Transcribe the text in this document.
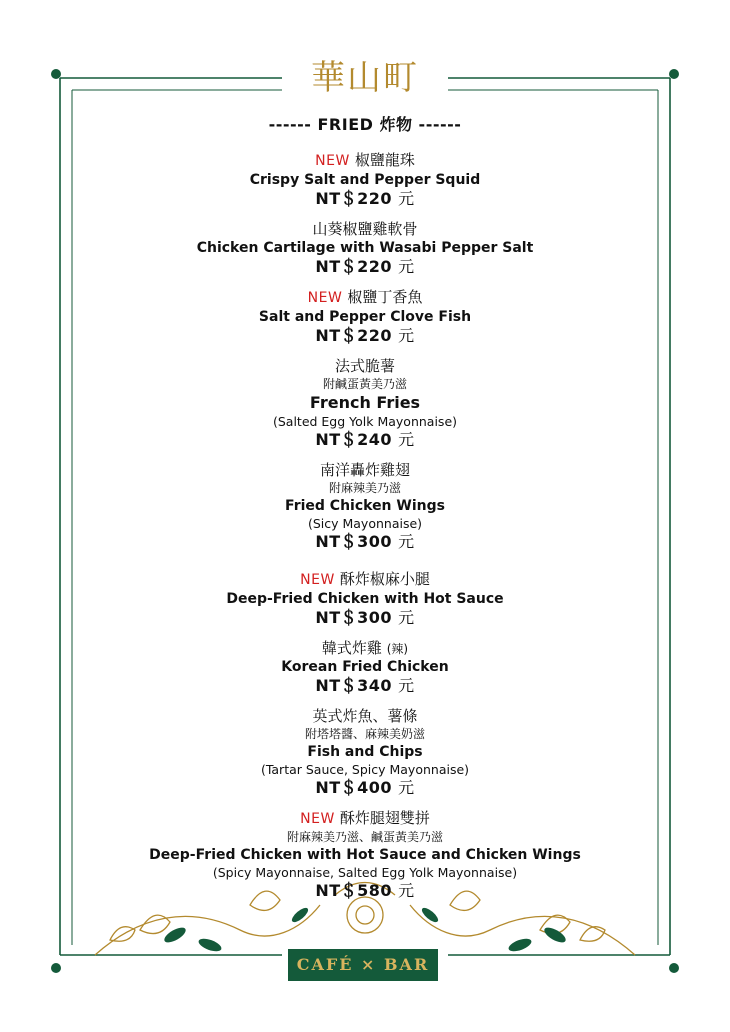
華山町
------ FRIED 炸物 ------
NEW 椒鹽龍珠
Crispy Salt and Pepper Squid
NT＄220 元
山葵椒鹽雞軟骨
Chicken Cartilage with Wasabi Pepper Salt
NT＄220 元
NEW 椒鹽丁香魚
Salt and Pepper Clove Fish
NT＄220 元
法式脆薯
附鹹蛋黃美乃滋
French Fries
(Salted Egg Yolk Mayonnaise)
NT＄240 元
南洋轟炸雞翅
附麻辣美乃滋
Fried Chicken Wings
(Sicy Mayonnaise)
NT＄300 元
NEW 酥炸椒麻小腿
Deep-Fried Chicken with Hot Sauce
NT＄300 元
韓式炸雞 (辣)
Korean Fried Chicken
NT＄340 元
英式炸魚、薯條
附塔塔醬、麻辣美奶滋
Fish and Chips
(Tartar Sauce, Spicy Mayonnaise)
NT＄400 元
NEW 酥炸腿翅雙拼
附麻辣美乃滋、鹹蛋黃美乃滋
Deep-Fried Chicken with Hot Sauce and Chicken Wings
(Spicy Mayonnaise, Salted Egg Yolk Mayonnaise)
NT＄580 元
CAFÉ × BAR
